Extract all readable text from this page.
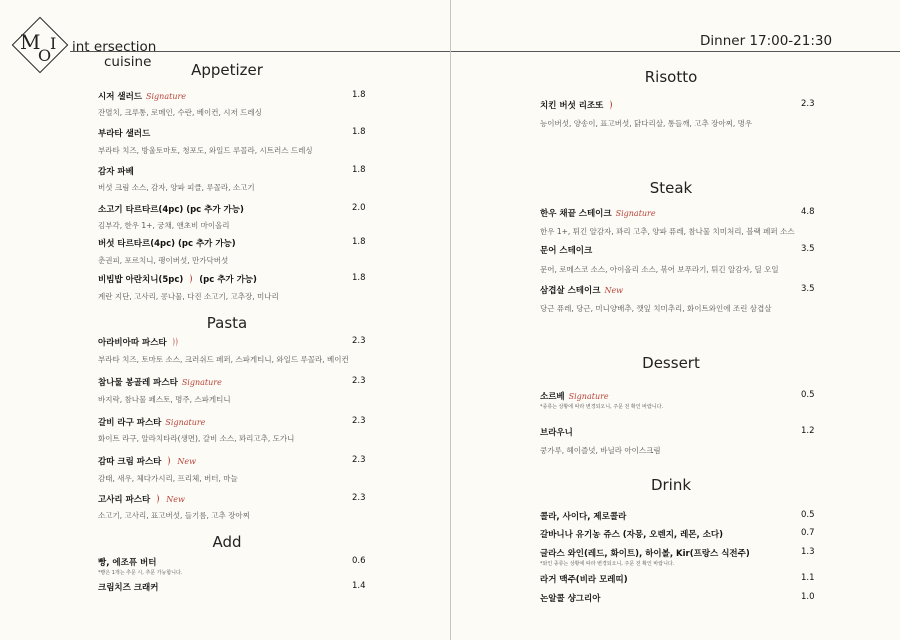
M
O
I int ersection
cuisine
Dinner 17:00-21:30
Appetizer
시저 샐러드 Signature	1.8
잔멸치, 크루통, 로메인, 수란, 베이컨, 시저 드레싱
부라타 샐러드	1.8
부라타 치즈, 방울토마토, 청포도, 와일드 루꼴라, 시트러스 드레싱
감자 파베	1.8
버섯 크림 소스, 감자, 양파 피클, 루꼴라, 소고기
소고기 타르타르(4pc) (pc 추가 가능)	2.0
김부각, 한우 1+, 궁채, 앤초비 마이올리
버섯 타르타르(4pc) (pc 추가 가능)	1.8
춘권피, 포르치니, 팽이버섯, 만가닥버섯
비빔밥 아란치니(5pc) (pc 추가 가능)	1.8
계란 지단, 고사리, 콩나물, 다진 소고기, 고추장, 미나리
Pasta
아라비아따 파스타	2.3
부라타 치즈, 토마토 소스, 크러쉬드 페퍼, 스파게티니, 와일드 루꼴라, 베이컨
참나물 봉골레 파스타 Signature	2.3
바지락, 참나물 페스토, 명주, 스파게티니
갈비 라구 파스타 Signature	2.3
화이트 라구, 알라치타라(생면), 갈비 소스, 꽈리고추, 도가니
감따 크림 파스타 New	2.3
감태, 새우, 체다가시리, 프리체, 버터, 마늘
고사리 파스타 New	2.3
소고기, 고사리, 표고버섯, 들기름, 고추 장아찌
Add
빵, 에조퓨 버터	0.6
*빵은 1개는 추문 시, 추문 가능합니다.
크림치즈 크래커	1.4
Risotto
치킨 버섯 리조또	2.3
능이버섯, 양송이, 표고버섯, 닭다리살, 통들깨, 고추 장아찌, 명우
Steak
한우 채끝 스테이크 Signature	4.8
한우 1+, 튀긴 알감자, 꽈리 고추, 양파 퓨레, 참나물 치미처리, 블랙 페퍼 소스
문어 스테이크	3.5
문어, 로메스코 소스, 아이올리 소스, 볶어 보푸라기, 튀긴 알감자, 딜 오일
삼겹살 스테이크 New	3.5
당근 퓨레, 당근, 미니양배추, 깻잎 치미추리, 화이트와인에 조린 삼겹살
Dessert
소르베 Signature	0.5
*종류는 상황에 따라 변경되오니, 주문 전 확인 바랍니다.
브라우니	1.2
쿵가루, 헤이즐넛, 바닐라 아이스크림
Drink
콜라, 사이다, 제로콜라	0.5
갈바니나 유기농 쥬스 (자몽, 오렌지, 레몬, 소다)	0.7
글라스 와인(레드, 화이트), 하이볼, Kir(프랑스 식전주)	1.3
*와인 종류는 상황에 따라 변경되오니, 주문 전 확인 바랍니다.
라거 맥주(비라 모레띠)	1.1
논알콜 샹그리아	1.0
